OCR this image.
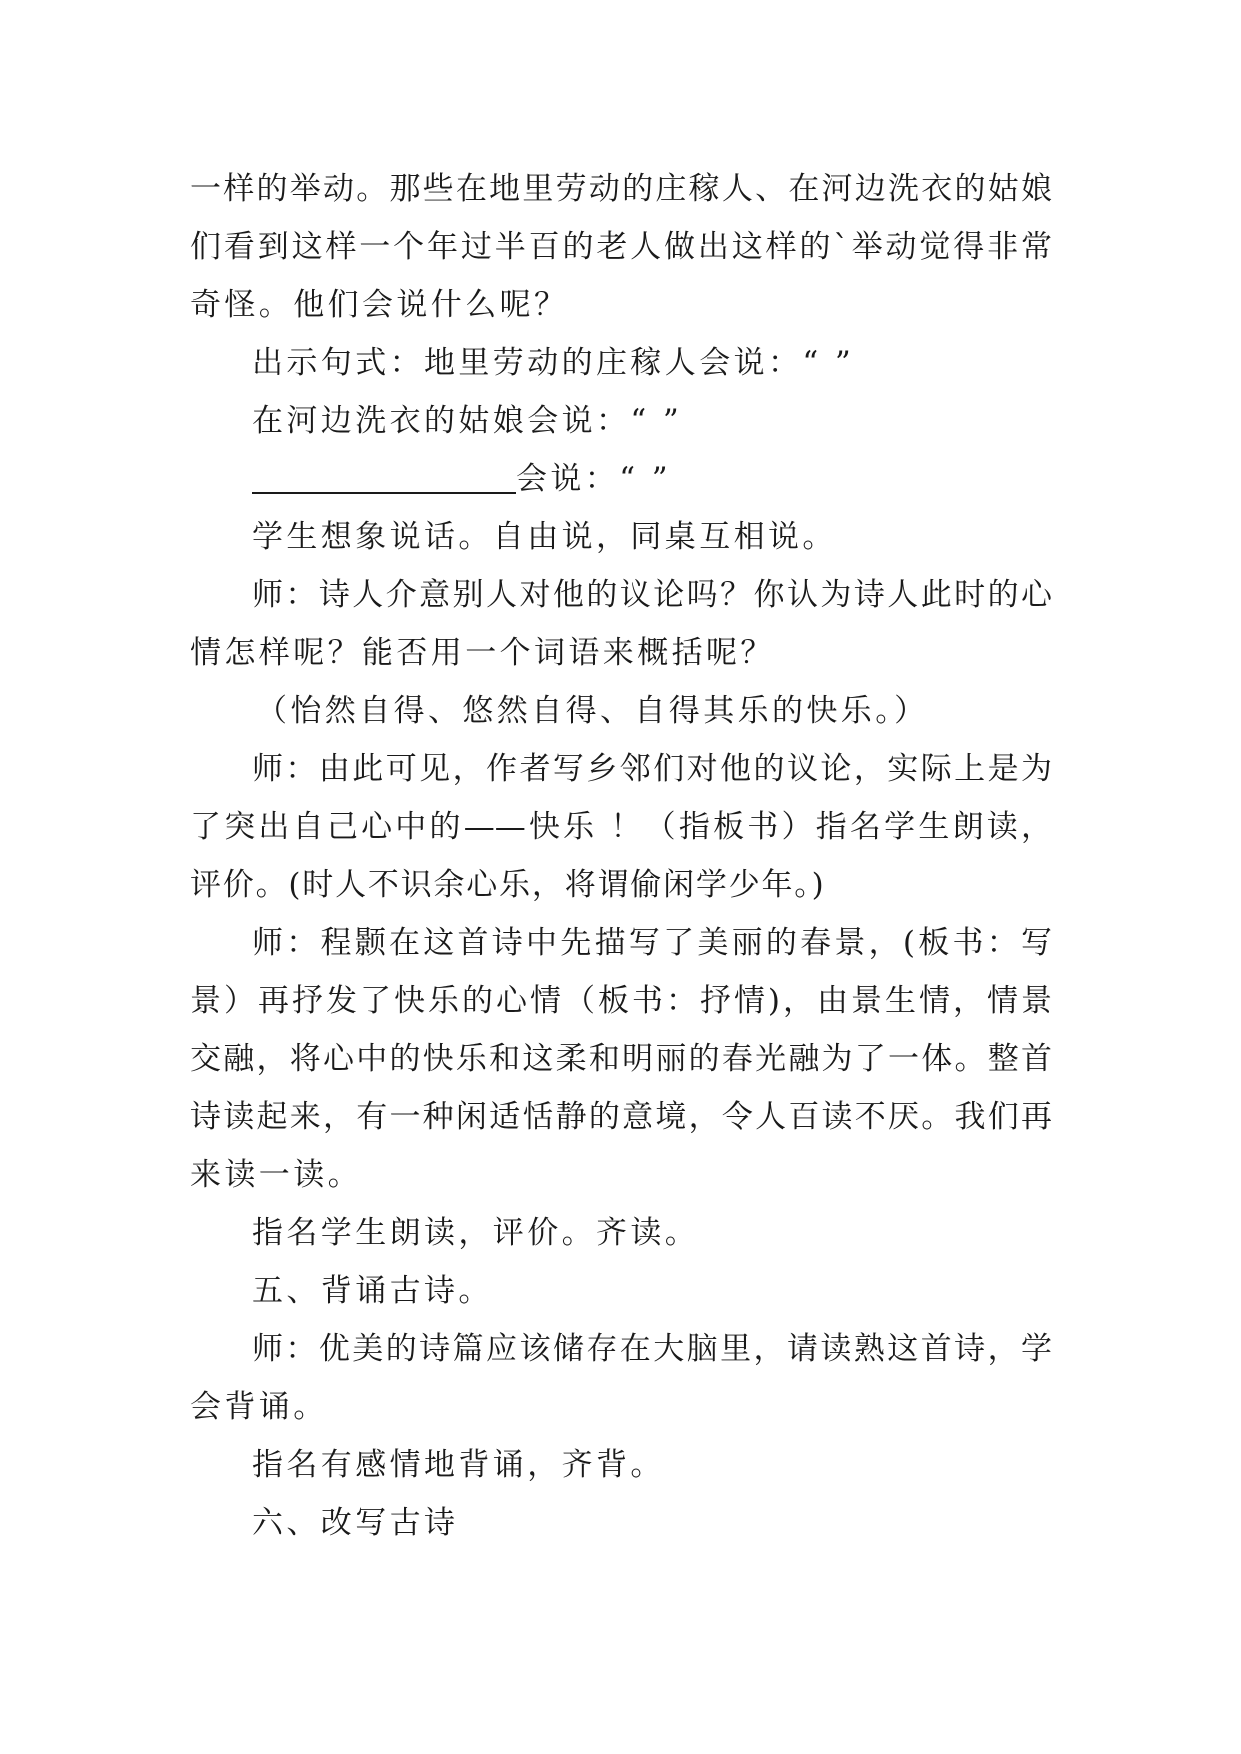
一样的举动。那些在地里劳动的庄稼人、在河边洗衣的姑娘
们看到这样一个年过半百的老人做出这样的`举动觉得非常
奇怪。他们会说什么呢？
出示句式：地里劳动的庄稼人会说：“ ”
在河边洗衣的姑娘会说：“ ”
会说：“ ”
学生想象说话。自由说，同桌互相说。
师：诗人介意别人对他的议论吗？你认为诗人此时的心
情怎样呢？能否用一个词语来概括呢？
（怡然自得、悠然自得、自得其乐的快乐。）
师：由此可见，作者写乡邻们对他的议论，实际上是为
了突出自己心中的——快乐 ！（指板书）指名学生朗读，
评价。(时人不识余心乐，将谓偷闲学少年。)
师：程颢在这首诗中先描写了美丽的春景，(板书：写
景）再抒发了快乐的心情（板书：抒情)，由景生情，情景
交融，将心中的快乐和这柔和明丽的春光融为了一体。整首
诗读起来，有一种闲适恬静的意境，令人百读不厌。我们再
来读一读。
指名学生朗读，评价。齐读。
五、背诵古诗。
师：优美的诗篇应该储存在大脑里，请读熟这首诗，学
会背诵。
指名有感情地背诵，齐背。
六、改写古诗
